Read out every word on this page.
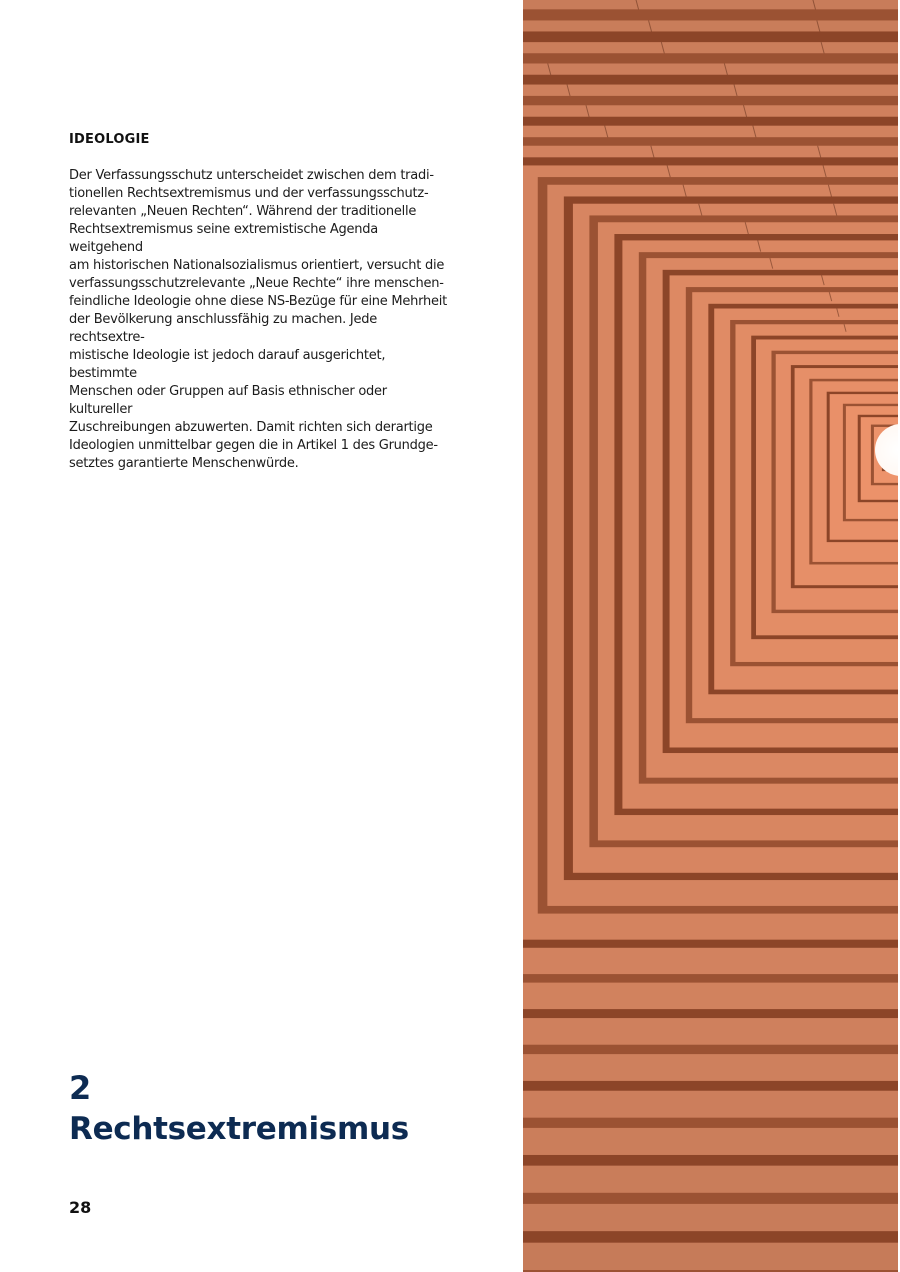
IDEOLOGIE

Der Verfassungsschutz unterscheidet zwischen dem tradi-
tionellen Rechtsextremismus und der verfassungsschutz-
relevanten „Neuen Rechten“. Während der traditionelle
Rechtsextremismus seine extremistische Agenda weitgehend
am historischen Nationalsozialismus orientiert, versucht die
verfassungsschutzrelevante „Neue Rechte“ ihre menschen-
feindliche Ideologie ohne diese NS-Bezüge für eine Mehrheit
der Bevölkerung anschlussfähig zu machen. Jede rechtsextre-
mistische Ideologie ist jedoch darauf ausgerichtet, bestimmte
Menschen oder Gruppen auf Basis ethnischer oder kultureller
Zuschreibungen abzuwerten. Damit richten sich derartige
Ideologien unmittelbar gegen die in Artikel 1 des Grundge-
setztes garantierte Menschenwürde.

2
Rechtsextremismus
28
